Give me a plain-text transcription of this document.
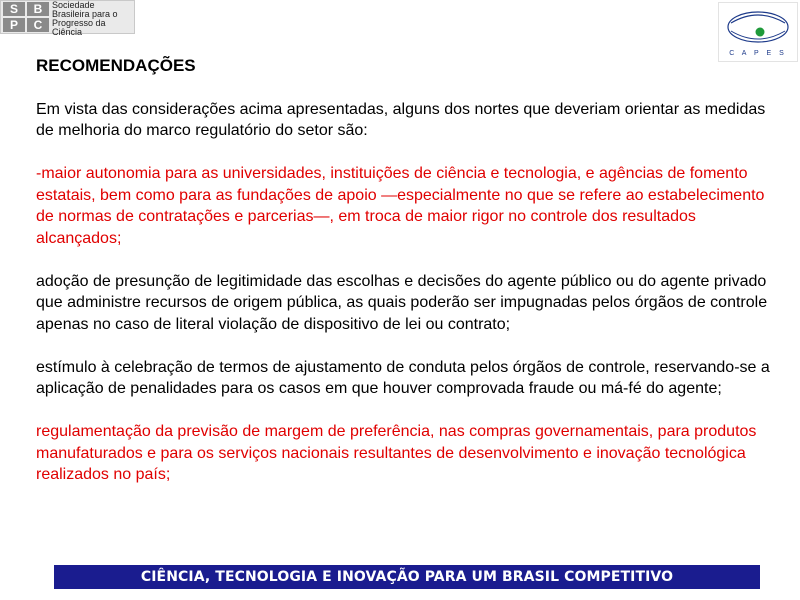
S	B
P	C
Sociedade
Brasileira para o
Progresso da
Ciência
C A P E S
RECOMENDAÇÕES
Em vista das considerações acima apresentadas, alguns dos nortes que deveriam orientar as medidas de melhoria do marco regulatório do setor são:
-maior autonomia para as universidades, instituições de ciência e tecnologia, e agências de fomento estatais, bem como para as fundações de apoio —especialmente no que se refere ao estabelecimento de normas de contratações e parcerias—, em troca de maior rigor no controle dos resultados alcançados;
adoção de presunção de legitimidade das escolhas e decisões do agente público ou do agente privado que administre recursos de origem pública, as quais poderão ser impugnadas pelos órgãos de controle apenas no caso de literal violação de dispositivo de lei ou contrato;
estímulo à celebração de termos de ajustamento de conduta pelos órgãos de controle, reservando-se a aplicação de penalidades para os casos em que houver comprovada fraude ou má-fé do agente;
regulamentação da previsão de margem de preferência, nas compras governamentais, para produtos manufaturados e para os serviços nacionais resultantes de desenvolvimento e inovação tecnológica realizados no país;
CIÊNCIA, TECNOLOGIA E INOVAÇÃO PARA UM BRASIL COMPETITIVO
